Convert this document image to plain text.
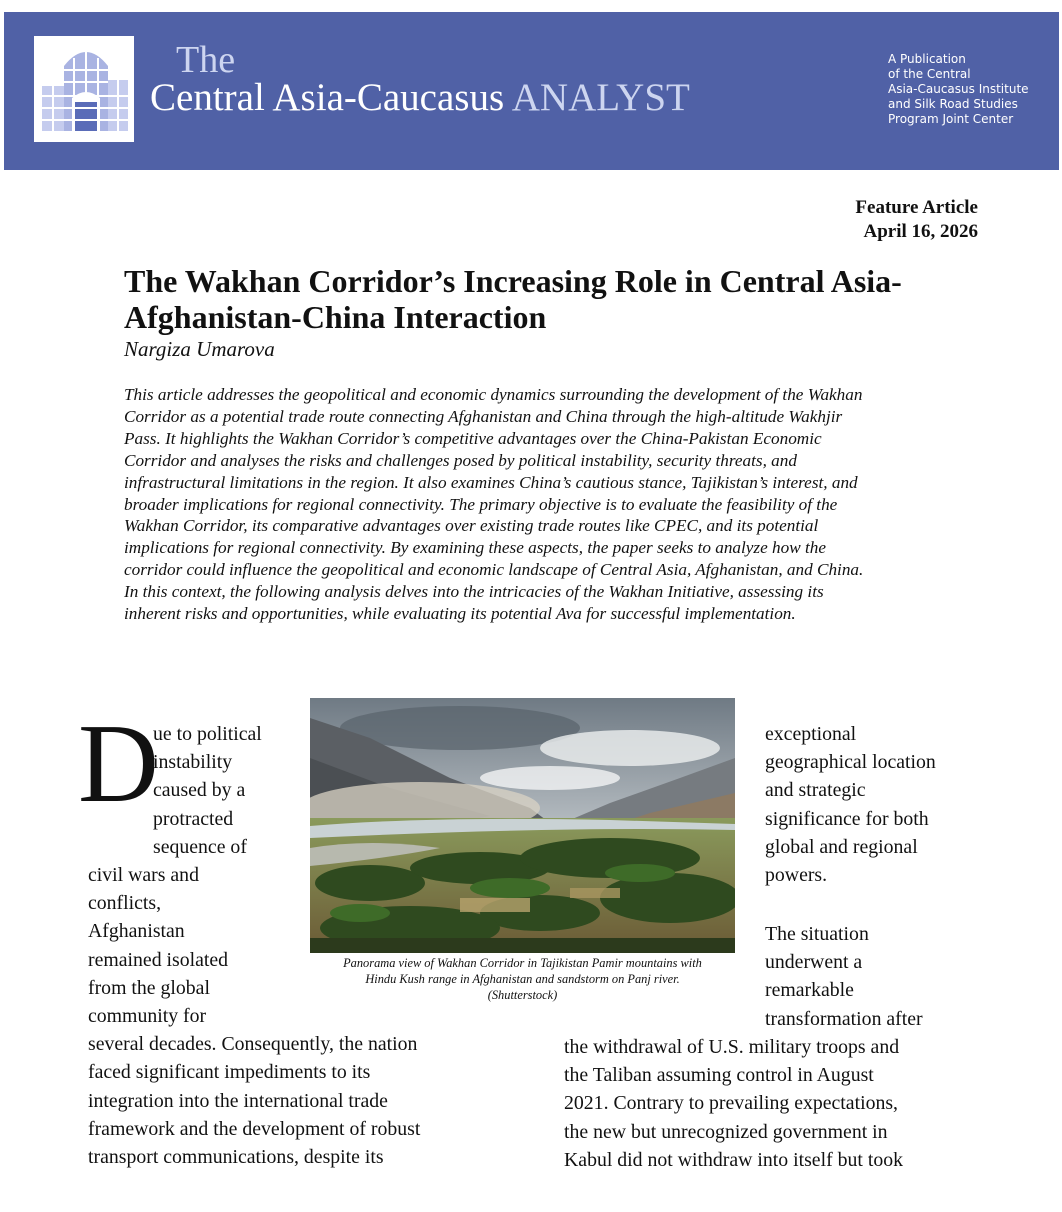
The
Central Asia-Caucasus ANALYST
A Publication
of the Central
Asia-Caucasus Institute
and Silk Road Studies
Program Joint Center
Feature Article
April 16, 2026
The Wakhan Corridor’s Increasing Role in Central Asia-
Afghanistan-China Interaction
Nargiza Umarova
This article addresses the geopolitical and economic dynamics surrounding the development of the Wakhan Corridor as a potential trade route connecting Afghanistan and China through the high-altitude Wakhjir Pass. It highlights the Wakhan Corridor’s competitive advantages over the China-Pakistan Economic Corridor and analyses the risks and challenges posed by political instability, security threats, and infrastructural limitations in the region. It also examines China’s cautious stance, Tajikistan’s interest, and broader implications for regional connectivity. The primary objective is to evaluate the feasibility of the Wakhan Corridor, its comparative advantages over existing trade routes like CPEC, and its potential implications for regional connectivity. By examining these aspects, the paper seeks to analyze how the corridor could influence the geopolitical and economic landscape of Central Asia, Afghanistan, and China. In this context, the following analysis delves into the intricacies of the Wakhan Initiative, assessing its inherent risks and opportunities, while evaluating its potential Ava for successful implementation.
D
ue to political
instability
caused by a
protracted
sequence of
civil wars and
conflicts,
Afghanistan
remained isolated
from the global
community for
several decades. Consequently, the nation
faced significant impediments to its
integration into the international trade
framework and the development of robust
transport communications, despite its
exceptional
geographical location
and strategic
significance for both
global and regional
powers.
The situation
underwent a
remarkable
transformation after
the withdrawal of U.S. military troops and
the Taliban assuming control in August
2021. Contrary to prevailing expectations,
the new but unrecognized government in
Kabul did not withdraw into itself but took
Panorama view of Wakhan Corridor in Tajikistan Pamir mountains with
Hindu Kush range in Afghanistan and sandstorm on Panj river.
(Shutterstock)
